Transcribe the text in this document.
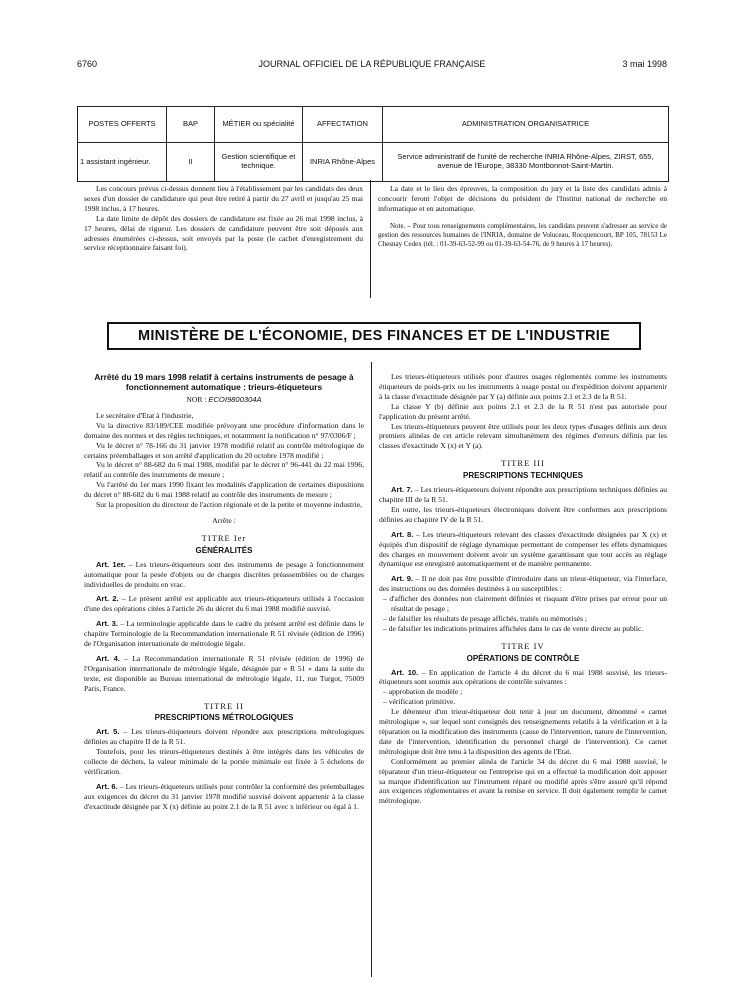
6760	JOURNAL OFFICIEL DE LA RÉPUBLIQUE FRANÇAISE	3 mai 1998
POSTES OFFERTS	BAP	MÉTIER ou spécialité	AFFECTATION	ADMINISTRATION ORGANISATRICE
1 assistant ingénieur.	II	Gestion scientifique et technique.	INRIA Rhône-Alpes	Service administratif de l'unité de recherche INRIA Rhône-Alpes, ZIRST, 655, avenue de l'Europe, 38330 Montbonnot-Saint-Martin.

Les concours prévus ci-dessus donnent lieu à l'établissement par les candidats des deux sexes d'un dossier de candidature qui peut être retiré à partir du 27 avril et jusqu'au 25 mai 1998 inclus, à 17 heures.

La date limite de dépôt des dossiers de candidature est fixée au 26 mai 1998 inclus, à 17 heures, délai de rigueur. Les dossiers de candidature peuvent être soit déposés aux adresses énumérées ci-dessus, soit envoyés par la poste (le cachet d'enregistrement du service réceptionnaire faisant foi).

La date et le lieu des épreuves, la composition du jury et la liste des candidats admis à concourir feront l'objet de décisions du président de l'Institut national de recherche en informatique et en automatique.

Note. – Pour tous renseignements complémentaires, les candidats peuvent s'adresser au service de gestion des ressources humaines de l'INRIA, domaine de Voluceau, Rocquencourt, BP 105, 78153 Le Chesnay Cedex (tél. : 01-39-63-52-99 ou 01-39-63-54-76, de 9 heures à 17 heures).

MINISTÈRE DE L'ÉCONOMIE, DES FINANCES ET DE L'INDUSTRIE
Arrêté du 19 mars 1998 relatif à certains instruments de pesage à fonctionnement automatique : trieurs-étiqueteurs
NOR : ECOI9800304A

Le secrétaire d'Etat à l'industrie,

Vu la directive 83/189/CEE modifiée prévoyant une procédure d'information dans le domaine des normes et des règles techniques, et notamment la notification n° 97/0306/F ;

Vu le décret n° 78-166 du 31 janvier 1978 modifié relatif au contrôle métrologique de certains préemballages et son arrêté d'application du 20 octobre 1978 modifié ;

Vu le décret n° 88-682 du 6 mai 1988, modifié par le décret n° 96-441 du 22 mai 1996, relatif au contrôle des instruments de mesure ;

Vu l'arrêté du 1er mars 1990 fixant les modalités d'application de certaines dispositions du décret n° 88-682 du 6 mai 1988 relatif au contrôle des instruments de mesure ;

Sur la proposition du directeur de l'action régionale et de la petite et moyenne industrie,

Arrête :

TITRE Ier
GÉNÉRALITÉS

Art. 1er. – Les trieurs-étiqueteurs sont des instruments de pesage à fonctionnement automatique pour la pesée d'objets ou de charges discrètes préassemblées ou de charges individuelles de produits en vrac.

Art. 2. – Le présent arrêté est applicable aux trieurs-étiqueteurs utilisés à l'occasion d'une des opérations citées à l'article 26 du décret du 6 mai 1988 modifié susvisé.

Art. 3. – La terminologie applicable dans le cadre du présent arrêté est définie dans le chapitre Terminologie de la Recommandation internationale R 51 révisée (édition de 1996) de l'Organisation internationale de métrologie légale.

Art. 4. – La Recommandation internationale R 51 révisée (édition de 1996) de l'Organisation internationale de métrologie légale, désignée par « R 51 » dans la suite du texte, est disponible au Bureau international de métrologie légale, 11, rue Turgot, 75009 Paris, France.

TITRE II
PRESCRIPTIONS MÉTROLOGIQUES

Art. 5. – Les trieurs-étiqueteurs doivent répondre aux prescriptions métrologiques définies au chapitre II de la R 51.

Toutefois, pour les trieurs-étiqueteurs destinés à être intégrés dans les véhicules de collecte de déchets, la valeur minimale de la portée minimale est fixée à 5 échelons de vérification.

Art. 6. – Les trieurs-étiqueteurs utilisés pour contrôler la conformité des préemballages aux exigences du décret du 31 janvier 1978 modifié susvisé doivent appartenir à la classe d'exactitude désignée par X (x) définie au point 2.1 de la R 51 avec x inférieur ou égal à 1.

Les trieurs-étiqueteurs utilisés pour d'autres usages réglementés comme les instruments étiqueteurs de poids-prix ou les instruments à usage postal ou d'expédition doivent appartenir à la classe d'exactitude désignée par Y (a) définie aux points 2.1 et 2.3 de la R 51.

La classe Y (b) définie aux points 2.1 et 2.3 de la R 51 n'est pas autorisée pour l'application du présent arrêté.

Les trieurs-étiqueteurs peuvent être utilisés pour les deux types d'usages définis aux deux premiers alinéas de cet article relevant simultanément des régimes d'erreurs définis par les classes d'exactitude X (x) et Y (a).

TITRE III
PRESCRIPTIONS TECHNIQUES

Art. 7. – Les trieurs-étiqueteurs doivent répondre aux prescriptions techniques définies au chapitre III de la R 51.

En outre, les trieurs-étiqueteurs électroniques doivent être conformes aux prescriptions définies au chapitre IV de la R 51.

Art. 8. – Les trieurs-étiqueteurs relevant des classes d'exactitude désignées par X (x) et équipés d'un dispositif de réglage dynamique permettant de compenser les effets dynamiques des charges en mouvement doivent avoir un système garantissant que tout accès au réglage dynamique est enregistré automatiquement et de manière permanente.

Art. 9. – Il ne doit pas être possible d'introduire dans un trieur-étiqueteur, via l'interface, des instructions ou des données destinées à ou susceptibles :

– d'afficher des données non clairement définies et risquant d'être prises par erreur pour un résultat de pesage ;

– de falsifier les résultats de pesage affichés, traités ou mémorisés ;

– de falsifier les indications primaires affichées dans le cas de vente directe au public.

TITRE IV
OPÉRATIONS DE CONTRÔLE

Art. 10. – En application de l'article 4 du décret du 6 mai 1988 susvisé, les trieurs-étiqueteurs sont soumis aux opérations de contrôle suivantes :

– approbation de modèle ;

– vérification primitive.

Le détenteur d'un trieur-étiqueteur doit tenir à jour un document, dénommé « carnet métrologique », sur lequel sont consignés des renseignements relatifs à la vérification et à la réparation ou la modification des instruments (cause de l'intervention, nature de l'intervention, date de l'intervention, identification du personnel chargé de l'intervention). Ce carnet métrologique doit être tenu à la disposition des agents de l'Etat.

Conformément au premier alinéa de l'article 34 du décret du 6 mai 1988 susvisé, le réparateur d'un trieur-étiqueteur ou l'entreprise qui en a effectué la modification doit apposer sa marque d'identification sur l'instrument réparé ou modifié après s'être assuré qu'il répond aux exigences réglementaires et avant la remise en service. Il doit également remplir le carnet métrologique.
